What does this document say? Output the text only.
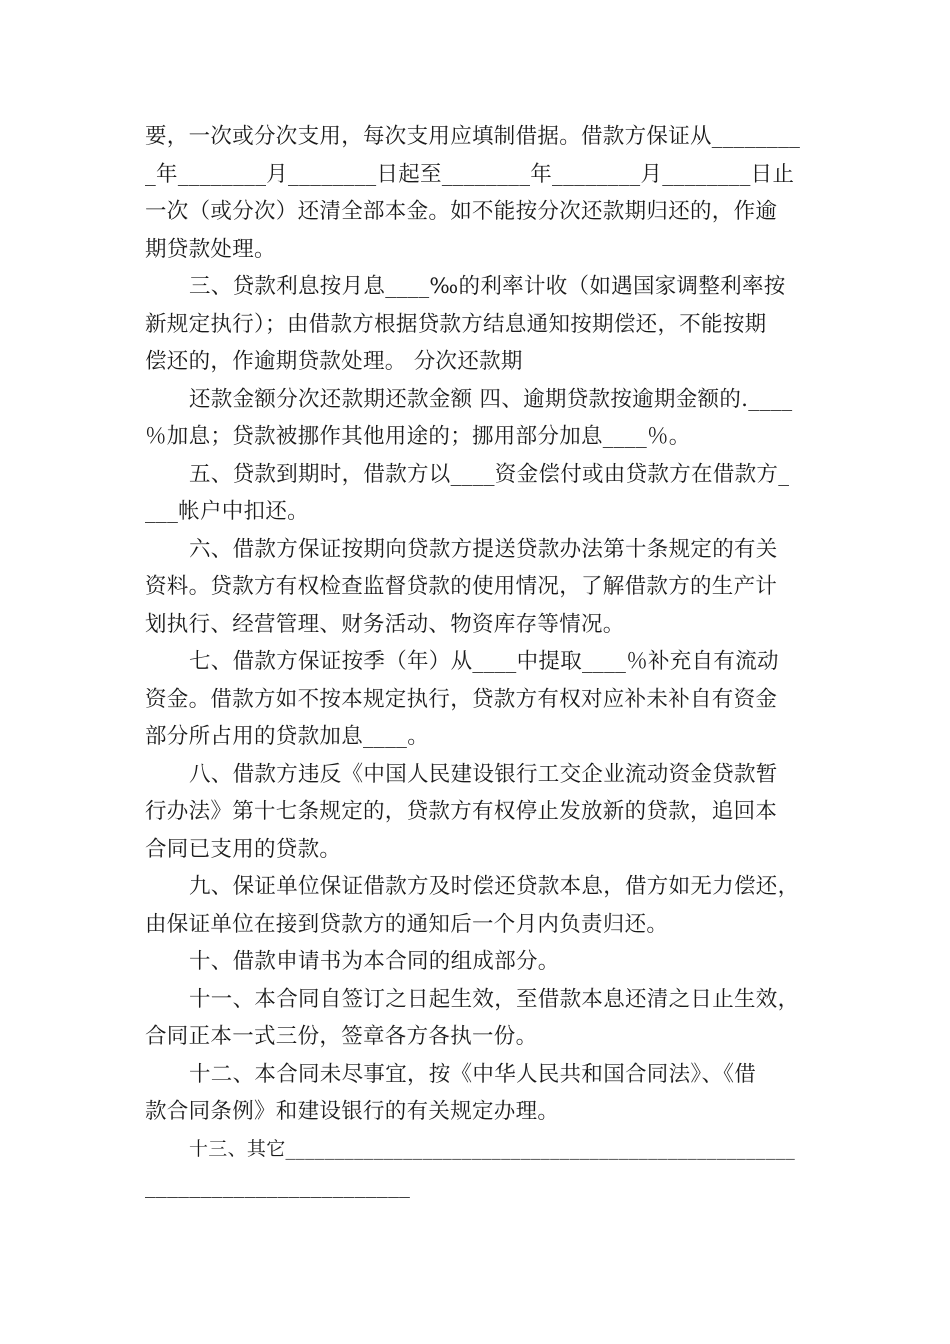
要，一次或分次支用，每次支用应填制借据。借款方保证从________
_年________月________日起至________年________月________日止
一次（或分次）还清全部本金。如不能按分次还款期归还的，作逾
期贷款处理。
三、贷款利息按月息____‰的利率计收（如遇国家调整利率按
新规定执行）；由借款方根据贷款方结息通知按期偿还，不能按期
偿还的，作逾期贷款处理。 分次还款期
还款金额分次还款期还款金额 四、逾期贷款按逾期金额的.____
％加息；贷款被挪作其他用途的；挪用部分加息____％。
五、贷款到期时，借款方以____资金偿付或由贷款方在借款方_
___帐户中扣还。
六、借款方保证按期向贷款方提送贷款办法第十条规定的有关
资料。贷款方有权检查监督贷款的使用情况，了解借款方的生产计
划执行、经营管理、财务活动、物资库存等情况。
七、借款方保证按季（年）从____中提取____％补充自有流动
资金。借款方如不按本规定执行，贷款方有权对应补未补自有资金
部分所占用的贷款加息____。
八、借款方违反《中国人民建设银行工交企业流动资金贷款暂
行办法》第十七条规定的，贷款方有权停止发放新的贷款，追回本
合同已支用的贷款。
九、保证单位保证借款方及时偿还贷款本息，借方如无力偿还，
由保证单位在接到贷款方的通知后一个月内负责归还。
十、借款申请书为本合同的组成部分。
十一、本合同自签订之日起生效，至借款本息还清之日止生效，
合同正本一式三份，签章各方各执一份。
十二、本合同未尽事宜，按《中华人民共和国合同法》、《借
款合同条例》和建设银行的有关规定办理。
十三、其它____________________________________________________
________________________
